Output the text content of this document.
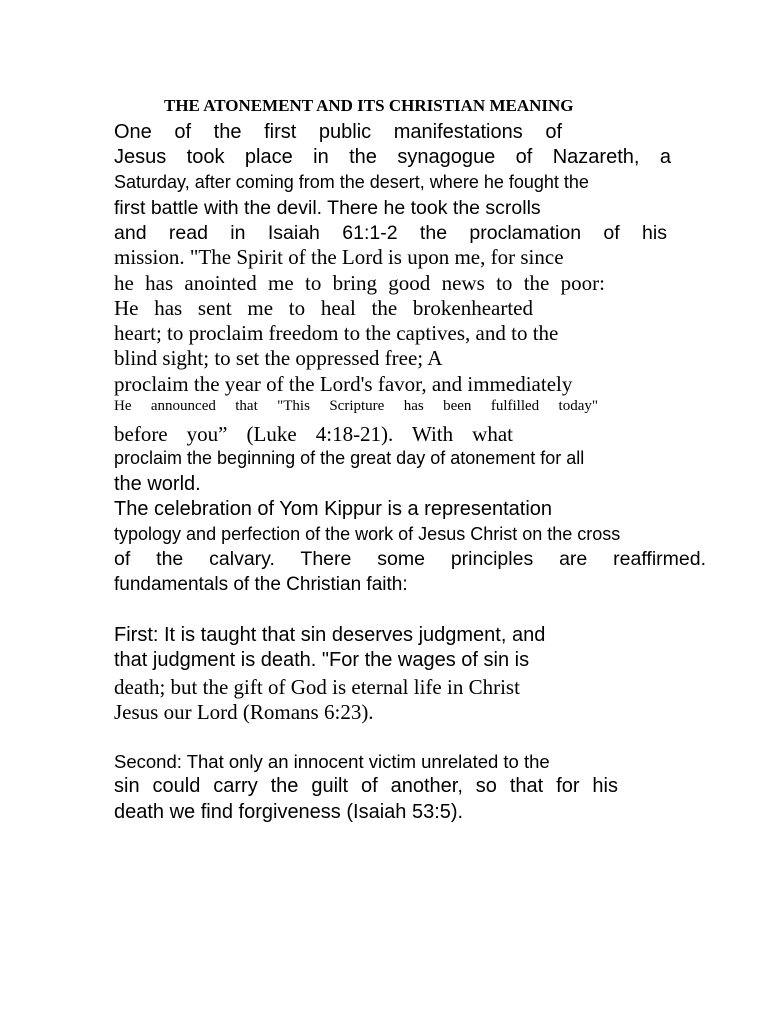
THE ATONEMENT AND ITS CHRISTIAN MEANING
One of the first public manifestations of
Jesus took place in the synagogue of Nazareth, a
Saturday, after coming from the desert, where he fought the
first battle with the devil. There he took the scrolls
and read in Isaiah 61:1-2 the proclamation of his
mission. "The Spirit of the Lord is upon me, for since
he has anointed me to bring good news to the poor:
He has sent me to heal the brokenhearted
heart; to proclaim freedom to the captives, and to the
blind sight; to set the oppressed free; A
proclaim the year of the Lord's favor, and immediately
He announced that "This Scripture has been fulfilled today"
before you” (Luke 4:18-21). With what
proclaim the beginning of the great day of atonement for all
the world.
The celebration of Yom Kippur is a representation
typology and perfection of the work of Jesus Christ on the cross
of the calvary. There some principles are reaffirmed.
fundamentals of the Christian faith:
First: It is taught that sin deserves judgment, and
that judgment is death. "For the wages of sin is
death; but the gift of God is eternal life in Christ
Jesus our Lord (Romans 6:23).
Second: That only an innocent victim unrelated to the
sin could carry the guilt of another, so that for his
death we find forgiveness (Isaiah 53:5).
